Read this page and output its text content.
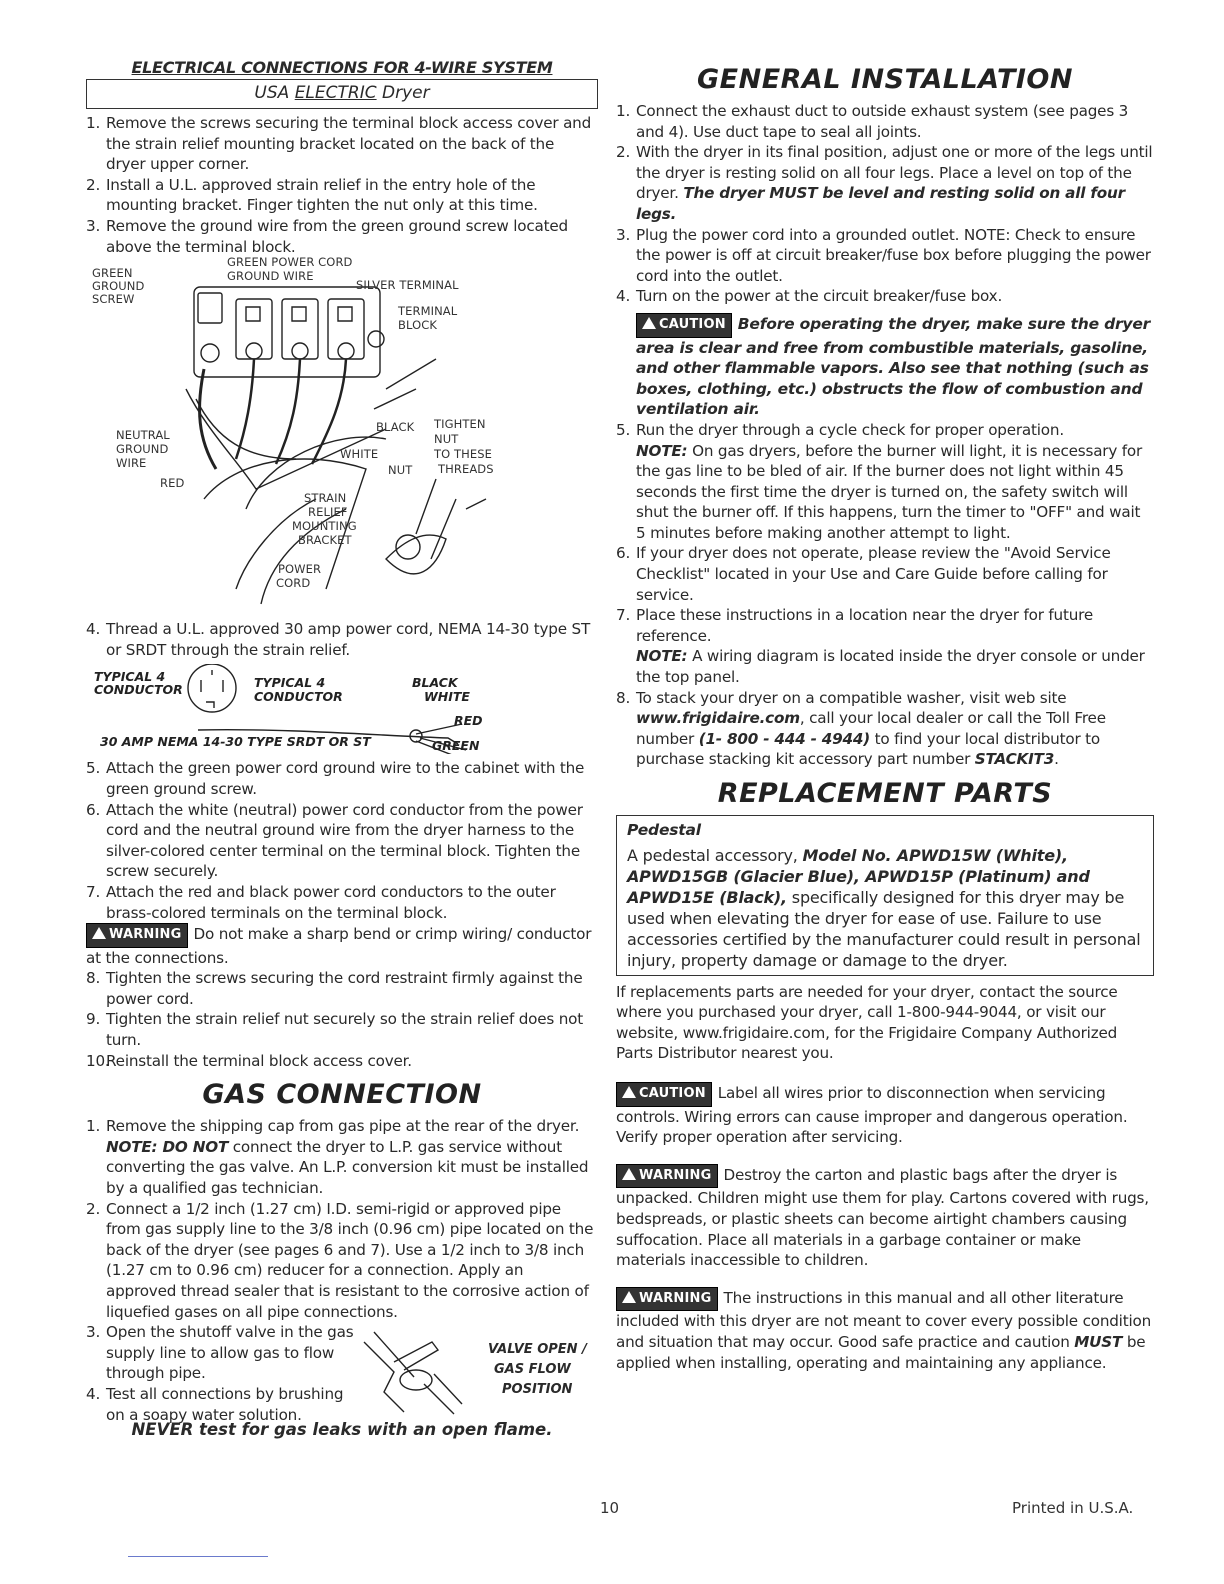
ELECTRICAL CONNECTIONS FOR 4-WIRE SYSTEM

USA ELECTRIC Dryer
1. Remove the screws securing the terminal block access cover and the strain relief mounting bracket located on the back of the dryer upper corner.
2. Install a U.L. approved strain relief in the entry hole of the mounting bracket. Finger tighten the nut only at this time.
3. Remove the ground wire from the green ground screw located above the terminal block.
GREEN POWER CORD
GROUND WIRE
GREEN
GROUND
SCREW
SILVER TERMINAL
TERMINAL
BLOCK
NEUTRAL
GROUND
WIRE
RED
BLACK
WHITE
NUT
TIGHTEN
NUT
TO THESE
THREADS
STRAIN
RELIEF
MOUNTING
BRACKET
POWER
CORD
4. Thread a U.L. approved 30 amp power cord, NEMA 14-30 type ST or SRDT through the strain relief.
TYPICAL 4
CONDUCTOR	TYPICAL 4
CONDUCTOR
BLACK
WHITE
RED
GREEN
30 AMP NEMA 14-30 TYPE SRDT OR ST
5. Attach the green power cord ground wire to the cabinet with the green ground screw.
6. Attach the white (neutral) power cord conductor from the power cord and the neutral ground wire from the dryer harness to the silver-colored center terminal on the terminal block. Tighten the screw securely.
7. Attach the red and black power cord conductors to the outer brass-colored terminals on the terminal block.
WARNING Do not make a sharp bend or crimp wiring/ conductor at the connections.
8. Tighten the screws securing the cord restraint firmly against the power cord.
9. Tighten the strain relief nut securely so the strain relief does not turn.
10.
Reinstall the terminal block access cover.
GAS CONNECTION
1. Remove the shipping cap from gas pipe at the rear of the dryer.
NOTE: DO NOT connect the dryer to L.P. gas service without converting the gas valve. An L.P. conversion kit must be installed by a qualified gas technician.
2. Connect a 1/2 inch (1.27 cm) I.D. semi-rigid or approved pipe from gas supply line to the 3/8 inch (0.96 cm) pipe located on the back of the dryer (see pages 6 and 7). Use a 1/2 inch to 3/8 inch (1.27 cm to 0.96 cm) reducer for a connection. Apply an approved thread sealer that is resistant to the corrosive action of liquefied gases on all pipe connections.
3. Open the shutoff valve in the gas supply line to allow gas to flow through pipe.
4. Test all connections by brushing on a soapy water solution.
VALVE OPEN /
GAS FLOW
POSITION
NEVER test for gas leaks with an open flame.
GENERAL INSTALLATION
1. Connect the exhaust duct to outside exhaust system (see pages 3 and 4). Use duct tape to seal all joints.
2. With the dryer in its final position, adjust one or more of the legs until the dryer is resting solid on all four legs. Place a level on top of the dryer. The dryer MUST be level and resting solid on all four legs.
3. Plug the power cord into a grounded outlet. NOTE: Check to ensure the power is off at circuit breaker/fuse box before plugging the power cord into the outlet.
4. Turn on the power at the circuit breaker/fuse box.
CAUTION Before operating the dryer, make sure the dryer area is clear and free from combustible materials, gasoline, and other flammable vapors. Also see that nothing (such as boxes, clothing, etc.) obstructs the flow of combustion and ventilation air.
5. Run the dryer through a cycle check for proper operation.
NOTE: On gas dryers, before the burner will light, it is necessary for the gas line to be bled of air. If the burner does not light within 45 seconds the first time the dryer is turned on, the safety switch will shut the burner off. If this happens, turn the timer to "OFF" and wait 5 minutes before making another attempt to light.
6. If your dryer does not operate, please review the "Avoid Service Checklist" located in your Use and Care Guide before calling for service.
7. Place these instructions in a location near the dryer for future reference.
NOTE: A wiring diagram is located inside the dryer console or under the top panel.
8. To stack your dryer on a compatible washer, visit web site www.frigidaire.com, call your local dealer or call the Toll Free number (1- 800 - 444 - 4944) to find your local distributor to purchase stacking kit accessory part number STACKIT3.
REPLACEMENT PARTS
Pedestal
A pedestal accessory, Model No. APWD15W (White), APWD15GB (Glacier Blue), APWD15P (Platinum) and APWD15E (Black), specifically designed for this dryer may be used when elevating the dryer for ease of use. Failure to use accessories certified by the manufacturer could result in personal injury, property damage or damage to the dryer.

If replacements parts are needed for your dryer, contact the source where you purchased your dryer, call 1-800-944-9044, or visit our website, www.frigidaire.com, for the Frigidaire Company Authorized Parts Distributor nearest you.

CAUTION Label all wires prior to disconnection when servicing controls. Wiring errors can cause improper and dangerous operation. Verify proper operation after servicing.

WARNING Destroy the carton and plastic bags after the dryer is unpacked. Children might use them for play. Cartons covered with rugs, bedspreads, or plastic sheets can become airtight chambers causing suffocation. Place all materials in a garbage container or make materials inaccessible to children.

WARNING The instructions in this manual and all other literature included with this dryer are not meant to cover every possible condition and situation that may occur. Good safe practice and caution MUST be applied when installing, operating and maintaining any appliance.

10	Printed in U.S.A.
